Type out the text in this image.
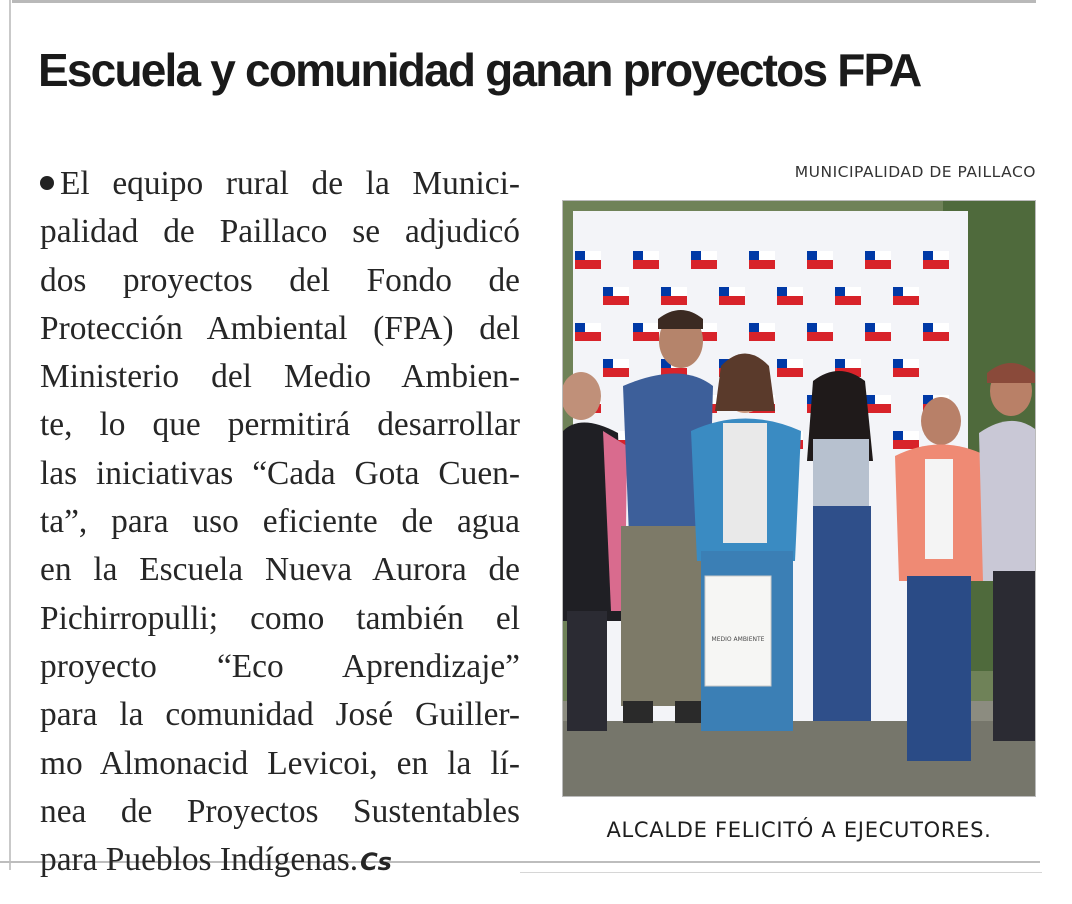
Escuela y comunidad ganan proyectos FPA
El equipo rural de la Munici-
palidad de Paillaco se adjudicó
dos proyectos del Fondo de
Protección Ambiental (FPA) del
Ministerio del Medio Ambien-
te, lo que permitirá desarrollar
las iniciativas “Cada Gota Cuen-
ta”, para uso eficiente de agua
en la Escuela Nueva Aurora de
Pichirropulli; como también el
proyecto “Eco Aprendizaje”
para la comunidad José Guiller-
mo Almonacid Levicoi, en la lí-
nea de Proyectos Sustentables
para Pueblos Indígenas.Cs
MUNICIPALIDAD DE PAILLACO
MEDIO AMBIENTE
ALCALDE FELICITÓ A EJECUTORES.
